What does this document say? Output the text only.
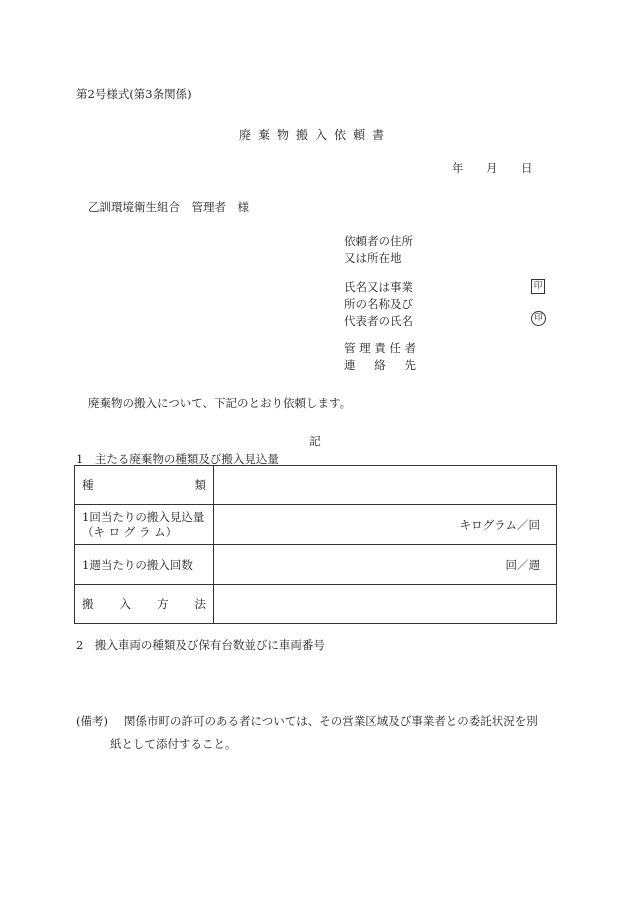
第2号様式(第3条関係)
廃棄物搬入依頼書
年 月 日
乙訓環境衛生組合　管理者　様
依頼者の住所
又は所在地
氏名又は事業
所の名称及び
代表者の氏名
印
印
管 理 責 任 者
連 絡 先
廃棄物の搬入について、下記のとおり依頼します。
記
1　主たる廃棄物の種類及び搬入見込量
種 類	

1回当たりの搬入見込量
（キ ロ グ ラ ム）	キログラム／回
1週当たりの搬入回数	回／週

搬 入 方 法	

2　搬入車両の種類及び保有台数並びに車両番号
(備考) 関係市町の許可のある者については、その営業区域及び事業者との委託状況を別
紙として添付すること。
